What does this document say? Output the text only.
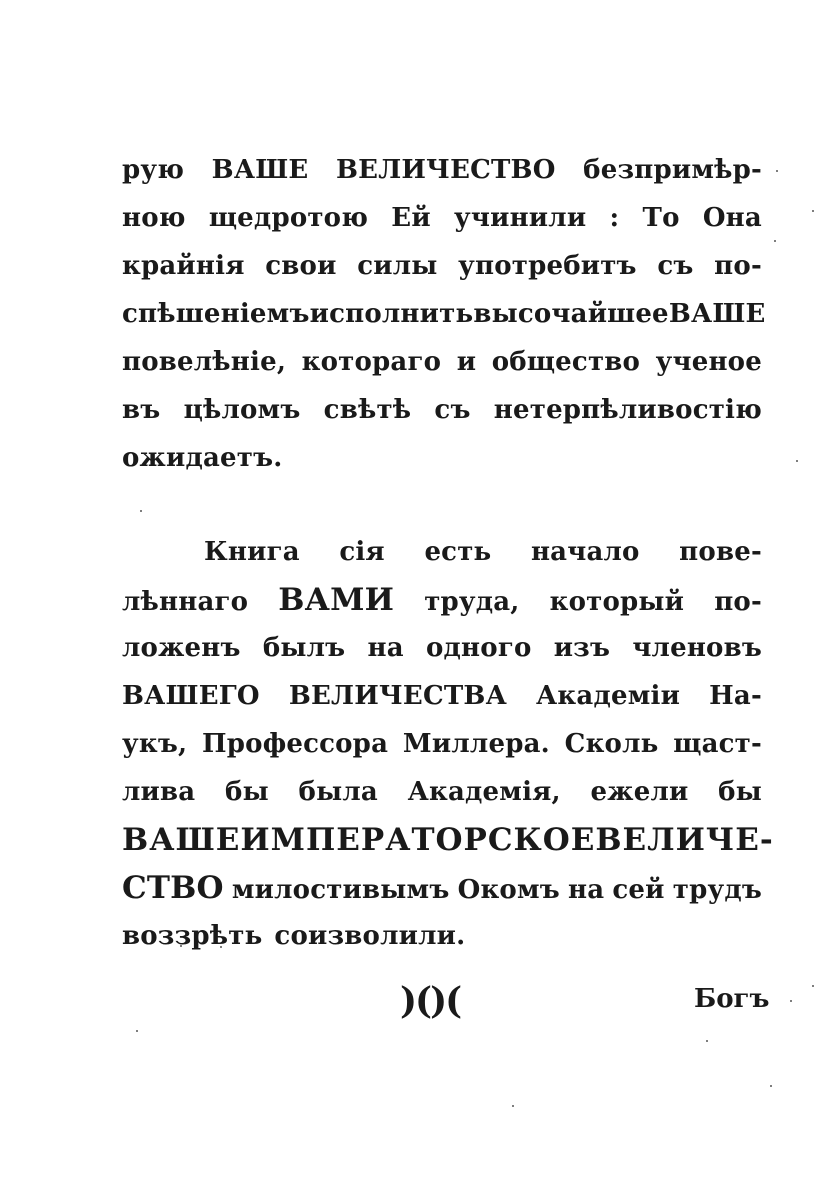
рую ВАШЕ ВЕЛИЧЕСТВО безпримѣр-
ною щедротою Ей учинили : То Она
крайнія свои силы употребитъ съ по-
спѣшеніемъ исполнить высочайшее ВАШЕ
повелѣніе, котораго и общество ученое
въ цѣломъ свѣтѣ съ нетерпѣливостію
ожидаетъ.
Книга сія есть начало пове-
лѣннаго ВАМИ труда, который по-
ложенъ былъ на одного изъ членовъ
ВАШЕГО ВЕЛИЧЕСТВА Академіи На-
укъ, Профессора Миллера. Сколь щаст-
лива бы была Академія, ежели бы
ВАШЕ ИМПЕРАТОРСКОЕ ВЕЛИЧЕ-
СТВО милостивымъ Окомъ на сей трудъ
воззрѣть соизволили.
)()(	Богъ
